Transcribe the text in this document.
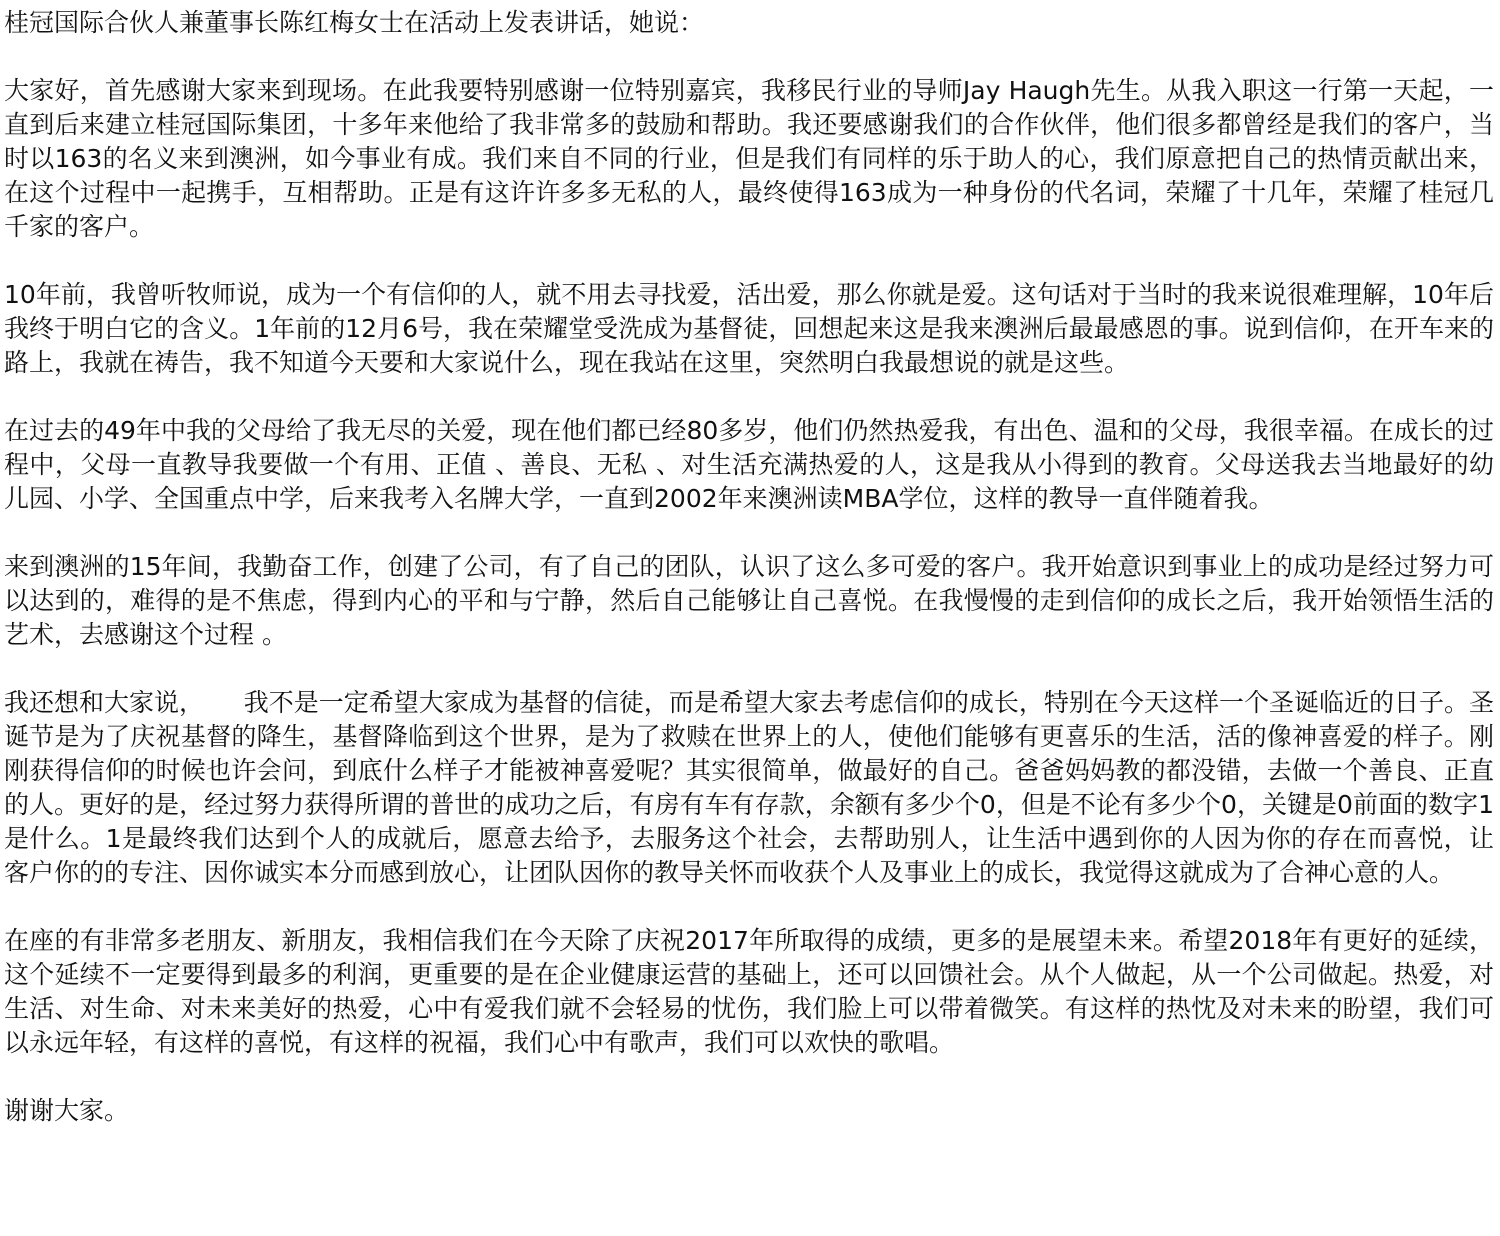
桂冠国际合伙人兼董事长陈红梅女士在活动上发表讲话，她说：

大家好，首先感谢大家来到现场。在此我要特别感谢一位特别嘉宾，我移民行业的导师Jay Haugh先生。从我入职这一行第一天起，一直到后来建立桂冠国际集团，十多年来他给了我非常多的鼓励和帮助。我还要感谢我们的合作伙伴，他们很多都曾经是我们的客户，当时以163的名义来到澳洲，如今事业有成。我们来自不同的行业，但是我们有同样的乐于助人的心，我们原意把自己的热情贡献出来，在这个过程中一起携手，互相帮助。正是有这许许多多无私的人，最终使得163成为一种身份的代名词，荣耀了十几年，荣耀了桂冠几千家的客户。

10年前，我曾听牧师说，成为一个有信仰的人，就不用去寻找爱，活出爱，那么你就是爱。这句话对于当时的我来说很难理解，10年后我终于明白它的含义。1年前的12月6号，我在荣耀堂受洗成为基督徒，回想起来这是我来澳洲后最最感恩的事。说到信仰，在开车来的路上，我就在祷告，我不知道今天要和大家说什么，现在我站在这里，突然明白我最想说的就是这些。

在过去的49年中我的父母给了我无尽的关爱，现在他们都已经80多岁，他们仍然热爱我，有出色、温和的父母，我很幸福。在成长的过程中，父母一直教导我要做一个有用、正值 、善良、无私 、对生活充满热爱的人，这是我从小得到的教育。父母送我去当地最好的幼儿园、小学、全国重点中学，后来我考入名牌大学，一直到2002年来澳洲读MBA学位，这样的教导一直伴随着我。

来到澳洲的15年间，我勤奋工作，创建了公司，有了自己的团队，认识了这么多可爱的客户。我开始意识到事业上的成功是经过努力可以达到的，难得的是不焦虑，得到内心的平和与宁静，然后自己能够让自己喜悦。在我慢慢的走到信仰的成长之后，我开始领悟生活的艺术，去感谢这个过程 。

我还想和大家说，     我不是一定希望大家成为基督的信徒，而是希望大家去考虑信仰的成长，特别在今天这样一个圣诞临近的日子。圣诞节是为了庆祝基督的降生，基督降临到这个世界，是为了救赎在世界上的人，使他们能够有更喜乐的生活，活的像神喜爱的样子。刚刚获得信仰的时候也许会问，到底什么样子才能被神喜爱呢？其实很简单，做最好的自己。爸爸妈妈教的都没错，去做一个善良、正直的人。更好的是，经过努力获得所谓的普世的成功之后，有房有车有存款，余额有多少个0，但是不论有多少个0，关键是0前面的数字1是什么。1是最终我们达到个人的成就后，愿意去给予，去服务这个社会，去帮助别人，让生活中遇到你的人因为你的存在而喜悦，让客户你的的专注、因你诚实本分而感到放心，让团队因你的教导关怀而收获个人及事业上的成长，我觉得这就成为了合神心意的人。

在座的有非常多老朋友、新朋友，我相信我们在今天除了庆祝2017年所取得的成绩，更多的是展望未来。希望2018年有更好的延续，这个延续不一定要得到最多的利润，更重要的是在企业健康运营的基础上，还可以回馈社会。从个人做起，从一个公司做起。热爱，对生活、对生命、对未来美好的热爱，心中有爱我们就不会轻易的忧伤，我们脸上可以带着微笑。有这样的热忱及对未来的盼望，我们可以永远年轻，有这样的喜悦，有这样的祝福，我们心中有歌声，我们可以欢快的歌唱。

谢谢大家。
